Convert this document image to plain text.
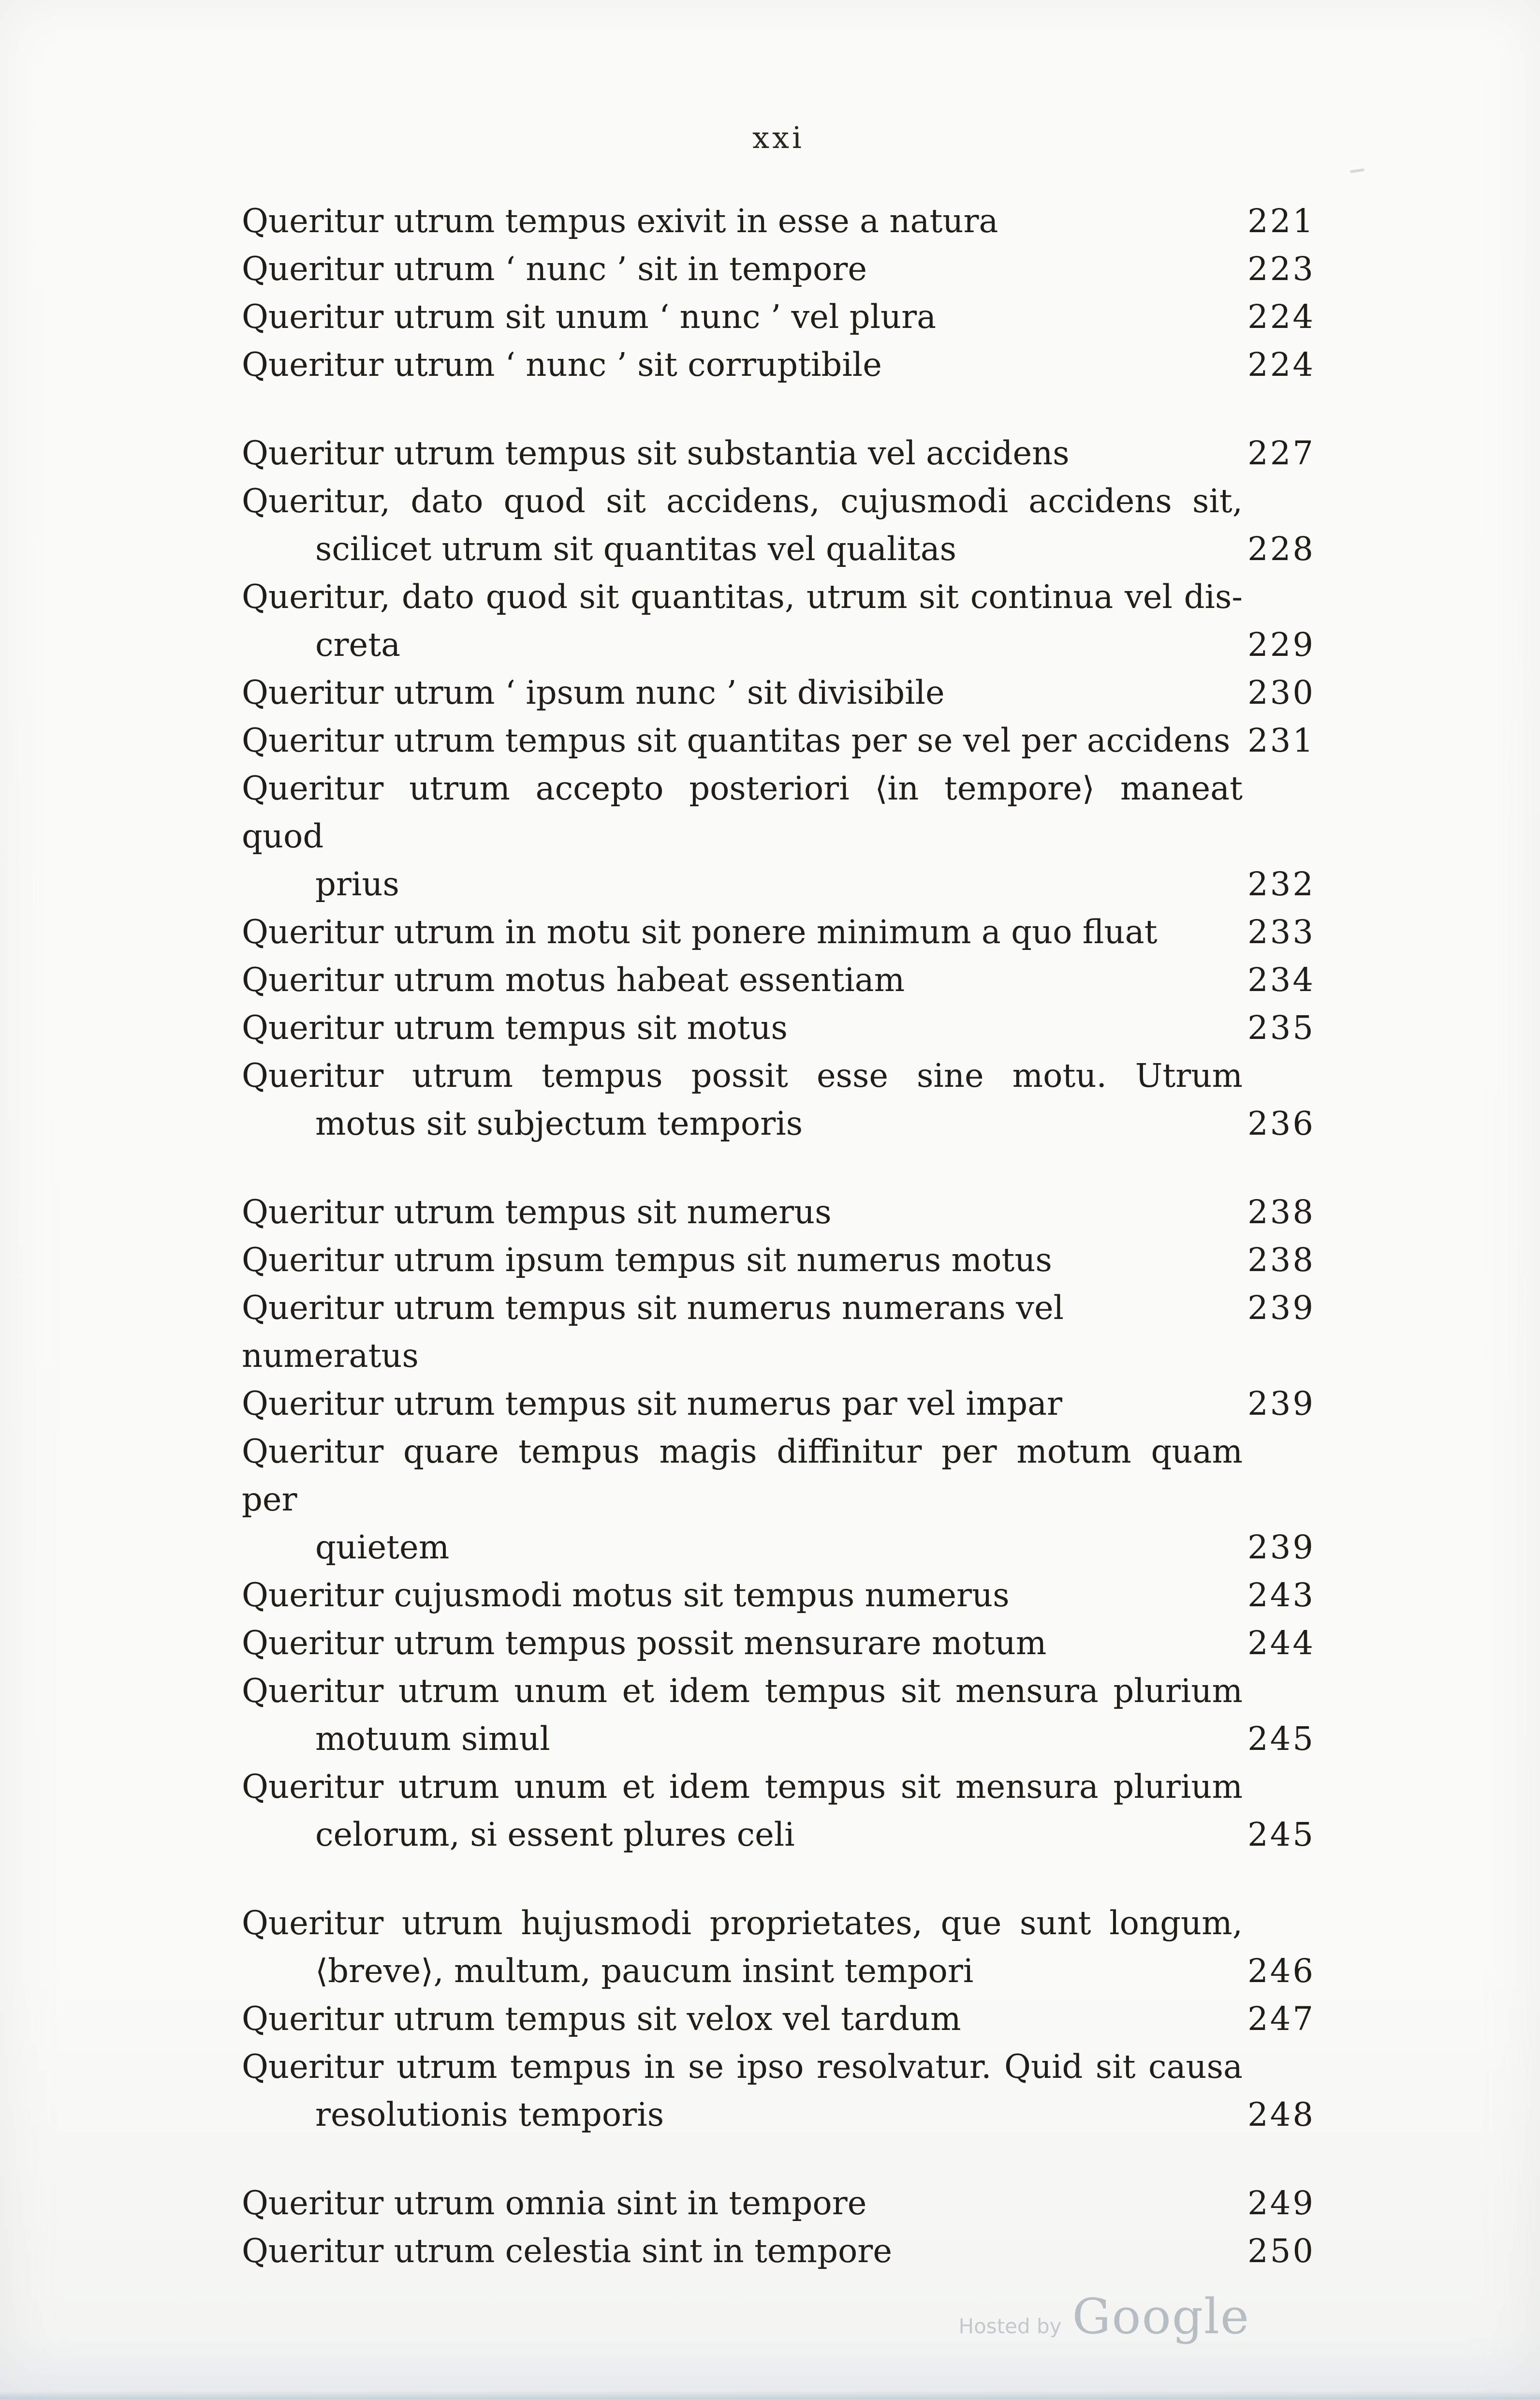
xxi
Queritur utrum tempus exivit in esse a natura	221
Queritur utrum ‘ nunc ’ sit in tempore	223
Queritur utrum sit unum ‘ nunc ’ vel plura	224
Queritur utrum ‘ nunc ’ sit corruptibile	224
Queritur utrum tempus sit substantia vel accidens	227
Queritur, dato quod sit accidens, cujusmodi accidens sit,
scilicet utrum sit quantitas vel qualitas	228
Queritur, dato quod sit quantitas, utrum sit continua vel dis-
creta	229
Queritur utrum ‘ ipsum nunc ’ sit divisibile	230
Queritur utrum tempus sit quantitas per se vel per accidens 231
Queritur utrum accepto posteriori ⟨in tempore⟩ maneat quod
prius	232
Queritur utrum in motu sit ponere minimum a quo fluat	233
Queritur utrum motus habeat essentiam	234
Queritur utrum tempus sit motus	235
Queritur utrum tempus possit esse sine motu. Utrum
motus sit subjectum temporis	236
Queritur utrum tempus sit numerus	238
Queritur utrum ipsum tempus sit numerus motus	238
Queritur utrum tempus sit numerus numerans vel numeratus
239
Queritur utrum tempus sit numerus par vel impar	239
Queritur quare tempus magis diffinitur per motum quam per
quietem	239
Queritur cujusmodi motus sit tempus numerus	243
Queritur utrum tempus possit mensurare motum	244
Queritur utrum unum et idem tempus sit mensura plurium
motuum simul	245
Queritur utrum unum et idem tempus sit mensura plurium
celorum, si essent plures celi	245
Queritur utrum hujusmodi proprietates, que sunt longum,
⟨breve⟩, multum, paucum insint tempori	246
Queritur utrum tempus sit velox vel tardum	247
Queritur utrum tempus in se ipso resolvatur. Quid sit causa
resolutionis temporis	248
Queritur utrum omnia sint in tempore	249
Queritur utrum celestia sint in tempore	250
Hosted by Google
